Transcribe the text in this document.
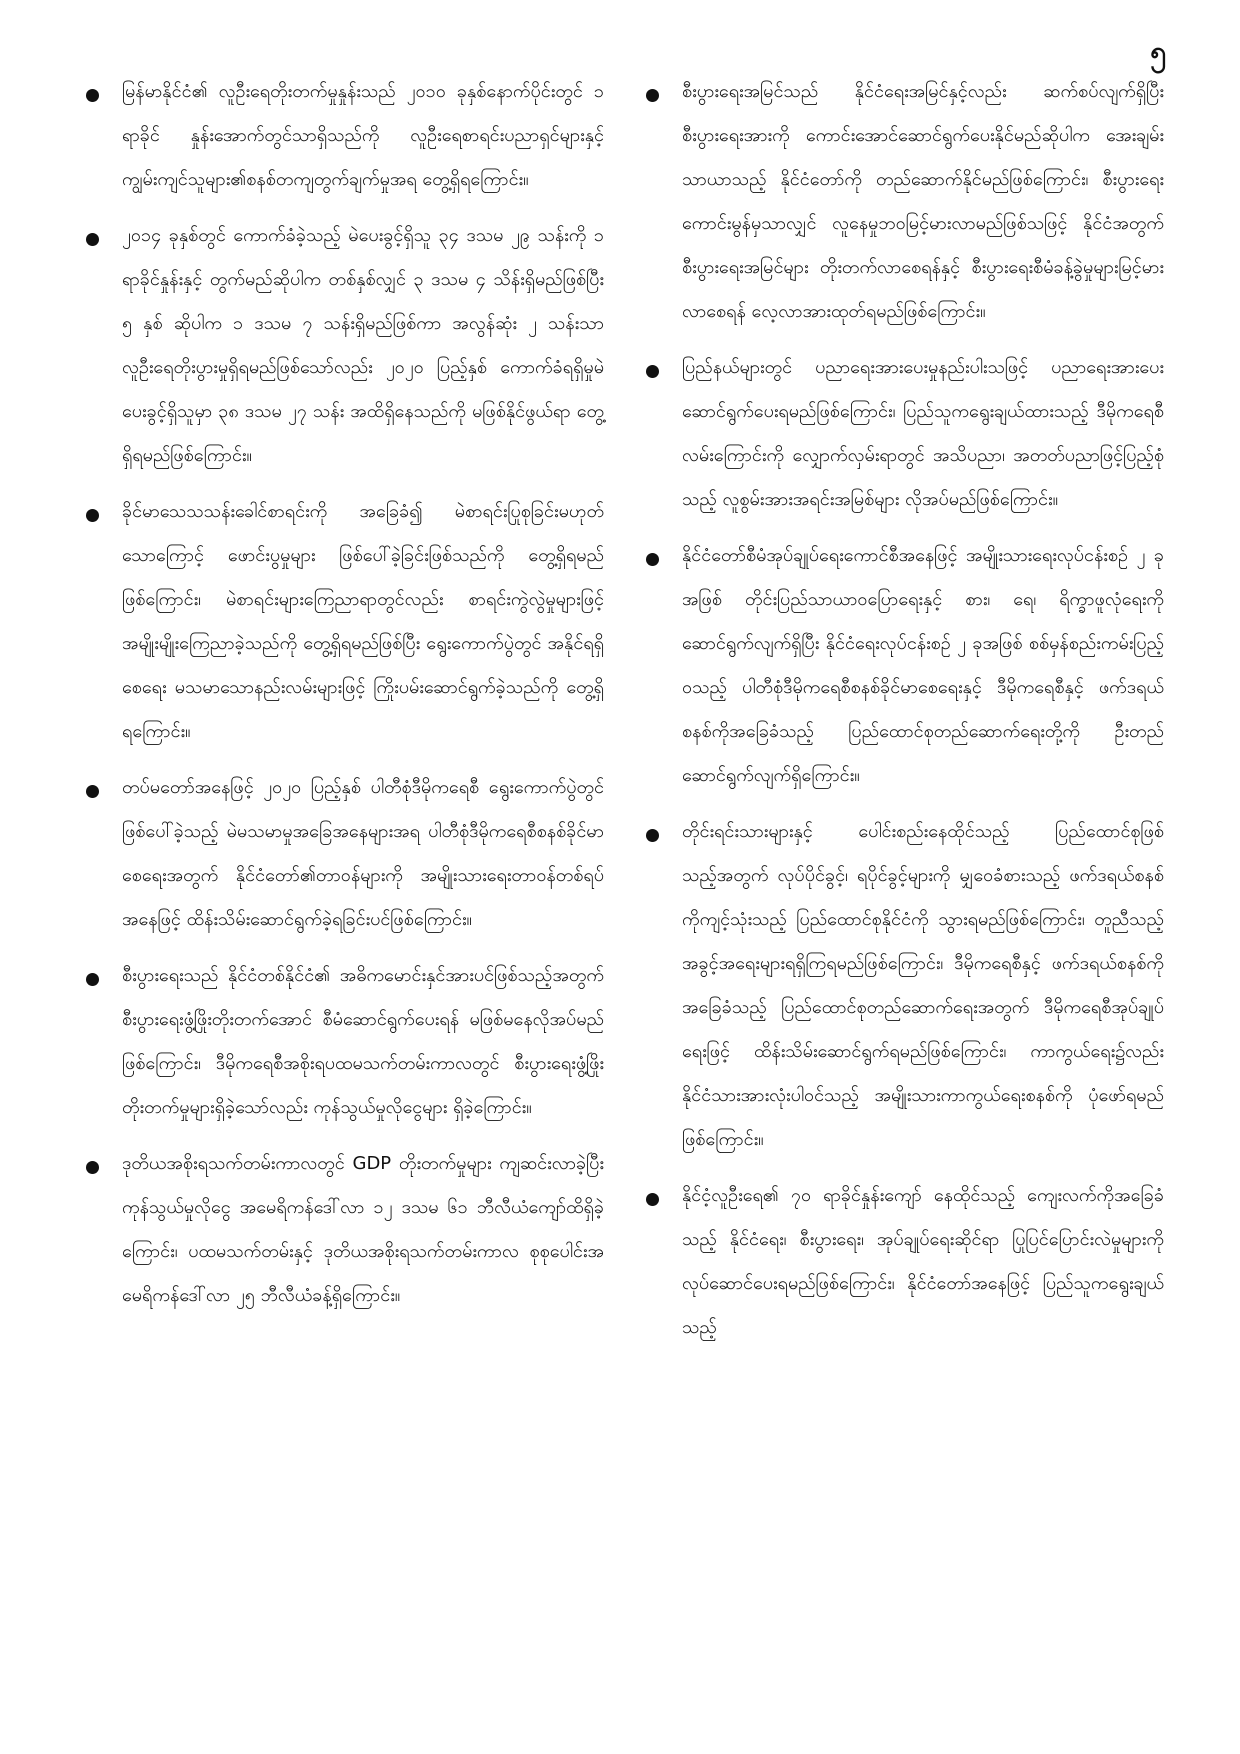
၅
မြန်မာနိုင်ငံ၏ လူဦးရေတိုးတက်မှုနှုန်းသည် ၂၀၁၀ ခုနှစ်နောက်ပိုင်းတွင် ၁ ရာခိုင် နှုန်းအောက်တွင်သာရှိသည်ကို လူဦးရေစာရင်းပညာရှင်များနှင့် ကျွမ်းကျင်သူများ၏စနစ်တကျတွက်ချက်မှုအရ တွေ့ရှိရကြောင်း။
၂၀၁၄ ခုနှစ်တွင် ကောက်ခံခဲ့သည့် မဲပေးခွင့်ရှိသူ ၃၄ ဒသမ ၂၉ သန်းကို ၁ ရာခိုင်နှုန်းနှင့် တွက်မည်ဆိုပါက တစ်နှစ်လျှင် ၃ ဒသမ ၄ သိန်းရှိမည်ဖြစ်ပြီး ၅ နှစ် ဆိုပါက ၁ ဒသမ ၇ သန်းရှိမည်ဖြစ်ကာ အလွန်ဆုံး ၂ သန်းသာ လူဦးရေတိုးပွားမှုရှိရမည်ဖြစ်သော်လည်း ၂၀၂၀ ပြည့်နှစ် ကောက်ခံရရှိမှုမဲပေးခွင့်ရှိသူမှာ ၃၈ ဒသမ ၂၇ သန်း အထိရှိနေသည်ကို မဖြစ်နိုင်ဖွယ်ရာ တွေ့ရှိရမည်ဖြစ်ကြောင်း။
ခိုင်မာသေသသန်းခေါင်စာရင်းကို အခြေခံ၍ မဲစာရင်းပြုစုခြင်းမဟုတ်သောကြောင့် ဖောင်းပွမှုများ ဖြစ်ပေါ်ခဲ့ခြင်းဖြစ်သည်ကို တွေ့ရှိရမည်ဖြစ်ကြောင်း၊ မဲစာရင်းများကြေညာရာတွင်လည်း စာရင်းကွဲလွဲမှုများဖြင့် အမျိုးမျိုးကြေညာခဲ့သည်ကို တွေ့ရှိရမည်ဖြစ်ပြီး ရွေးကောက်ပွဲတွင် အနိုင်ရရှိစေရေး မသမာသောနည်းလမ်းများဖြင့် ကြိုးပမ်းဆောင်ရွက်ခဲ့သည်ကို တွေ့ရှိရကြောင်း။
တပ်မတော်အနေဖြင့် ၂၀၂၀ ပြည့်နှစ် ပါတီစုံဒီမိုကရေစီ ရွေးကောက်ပွဲတွင် ဖြစ်ပေါ်ခဲ့သည့် မဲမသမာမှုအခြေအနေများအရ ပါတီစုံဒီမိုကရေစီစနစ်ခိုင်မာစေရေးအတွက် နိုင်ငံတော်၏တာဝန်များကို အမျိုးသားရေးတာဝန်တစ်ရပ်အနေဖြင့် ထိန်းသိမ်းဆောင်ရွက်ခဲ့ရခြင်းပင်ဖြစ်ကြောင်း။
စီးပွားရေးသည် နိုင်ငံတစ်နိုင်ငံ၏ အဓိကမောင်းနှင်အားပင်ဖြစ်သည့်အတွက် စီးပွားရေးဖွံ့ဖြိုးတိုးတက်အောင် စီမံဆောင်ရွက်ပေးရန် မဖြစ်မနေလိုအပ်မည်ဖြစ်ကြောင်း၊ ဒီမိုကရေစီအစိုးရပထမသက်တမ်းကာလတွင် စီးပွားရေးဖွံ့ဖြိုးတိုးတက်မှုများရှိခဲ့သော်လည်း ကုန်သွယ်မှုလိုငွေများ ရှိခဲ့ကြောင်း။
ဒုတိယအစိုးရသက်တမ်းကာလတွင် GDP တိုးတက်မှုများ ကျဆင်းလာခဲ့ပြီး ကုန်သွယ်မှုလိုငွေ အမေရိကန်ဒေါ်လာ ၁၂ ဒသမ ၆၁ ဘီလီယံကျော်ထိရှိခဲ့ကြောင်း၊ ပထမသက်တမ်းနှင့် ဒုတိယအစိုးရသက်တမ်းကာလ စုစုပေါင်းအမေရိကန်ဒေါ်လာ ၂၅ ဘီလီယံခန့်ရှိကြောင်း။
စီးပွားရေးအမြင်သည် နိုင်ငံရေးအမြင်နှင့်လည်း ဆက်စပ်လျက်ရှိပြီး စီးပွားရေးအားကို ကောင်းအောင်ဆောင်ရွက်ပေးနိုင်မည်ဆိုပါက အေးချမ်းသာယာသည့် နိုင်ငံတော်ကို တည်ဆောက်နိုင်မည်ဖြစ်ကြောင်း၊ စီးပွားရေးကောင်းမွန်မှသာလျှင် လူနေမှုဘဝမြင့်မားလာမည်ဖြစ်သဖြင့် နိုင်ငံအတွက် စီးပွားရေးအမြင်များ တိုးတက်လာစေရန်နှင့် စီးပွားရေးစီမံခန့်ခွဲမှုများမြင့်မားလာစေရန် လေ့လာအားထုတ်ရမည်ဖြစ်ကြောင်း။
ပြည်နယ်များတွင် ပညာရေးအားပေးမှုနည်းပါးသဖြင့် ပညာရေးအားပေးဆောင်ရွက်ပေးရမည်ဖြစ်ကြောင်း၊ ပြည်သူကရွေးချယ်ထားသည့် ဒီမိုကရေစီလမ်းကြောင်းကို လျှောက်လှမ်းရာတွင် အသိပညာ၊ အတတ်ပညာဖြင့်ပြည့်စုံသည့် လူစွမ်းအားအရင်းအမြစ်များ လိုအပ်မည်ဖြစ်ကြောင်း။
နိုင်ငံတော်စီမံအုပ်ချုပ်ရေးကောင်စီအနေဖြင့် အမျိုးသားရေးလုပ်ငန်းစဉ် ၂ ခု အဖြစ် တိုင်းပြည်သာယာဝပြောရေးနှင့် စား၊ ရေ၊ ရိက္ခာဖူလုံရေးကို ဆောင်ရွက်လျက်ရှိပြီး နိုင်ငံရေးလုပ်ငန်းစဉ် ၂ ခုအဖြစ် စစ်မှန်စည်းကမ်းပြည့်ဝသည့် ပါတီစုံဒီမိုကရေစီစနစ်ခိုင်မာစေရေးနှင့် ဒီမိုကရေစီနှင့် ဖက်ဒရယ်စနစ်ကိုအခြေခံသည့် ပြည်ထောင်စုတည်ဆောက်ရေးတို့ကို ဦးတည်ဆောင်ရွက်လျက်ရှိကြောင်း။
တိုင်းရင်းသားများနှင့် ပေါင်းစည်းနေထိုင်သည့် ပြည်ထောင်စုဖြစ်သည့်အတွက် လုပ်ပိုင်ခွင့်၊ ရပိုင်ခွင့်များကို မျှဝေခံစားသည့် ဖက်ဒရယ်စနစ်ကိုကျင့်သုံးသည့် ပြည်ထောင်စုနိုင်ငံကို သွားရမည်ဖြစ်ကြောင်း၊ တူညီသည့်အခွင့်အရေးများရရှိကြရမည်ဖြစ်ကြောင်း၊ ဒီမိုကရေစီနှင့် ဖက်ဒရယ်စနစ်ကို အခြေခံသည့် ပြည်ထောင်စုတည်ဆောက်ရေးအတွက် ဒီမိုကရေစီအုပ်ချုပ်ရေးဖြင့် ထိန်းသိမ်းဆောင်ရွက်ရမည်ဖြစ်ကြောင်း၊ ကာကွယ်ရေး၌လည်း နိုင်ငံသားအားလုံးပါဝင်သည့် အမျိုးသားကာကွယ်ရေးစနစ်ကို ပုံဖော်ရမည်ဖြစ်ကြောင်း။
နိုင်ငံ့လူဦးရေ၏ ၇၀ ရာခိုင်နှုန်းကျော် နေထိုင်သည့် ကျေးလက်ကိုအခြေခံသည့် နိုင်ငံရေး၊ စီးပွားရေး၊ အုပ်ချုပ်ရေးဆိုင်ရာ ပြုပြင်ပြောင်းလဲမှုများကို လုပ်ဆောင်ပေးရမည်ဖြစ်ကြောင်း၊ နိုင်ငံတော်အနေဖြင့် ပြည်သူကရွေးချယ်သည့်
